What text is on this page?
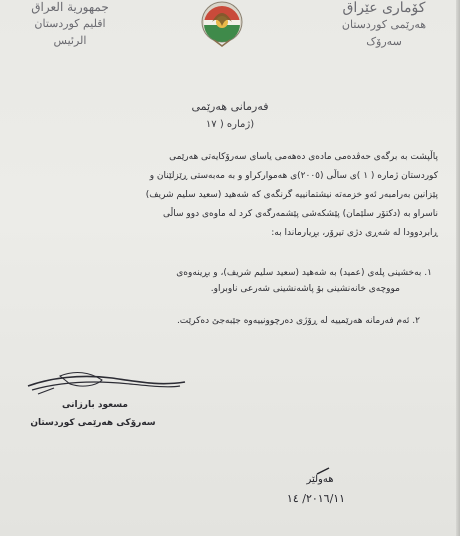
جمهورية العراق
اقليم كوردستان
الرئيس
کۆماری عێراق
هەرێمی کوردستان
سەرۆک
فەرمانی هەرێمی
(ژمارە ( ١٧
پاڵپشت بە برگەی حەڤدەمی مادەی دەهەمی یاسای سەرۆکایەتی هەرێمی
کوردستان ژمارە ( ١ )ی ساڵی (٢٠٠٥)ی هەموارکراو و بە مەبەستی ڕێزلێنان و
پێزانین بەرامبەر ئەو خزمەتە نیشتمانییە گرنگەی کە شەهید (سعید سلیم شریف)
ناسراو بە (دکتۆر سلێمان) پێشکەشی پێشمەرگەی کرد لە ماوەی دوو ساڵی
ڕابردوودا لە شەڕی دژی تیرۆر، بڕیارماندا بە:
١. بەخشینی پلەی (عمید) بە شەهید (سعید سلیم شریف)، و بڕینەوەی
مووچەی خانەنشینی بۆ پاشەنشینی شەرعی ناوبراو.
٢. ئەم فەرمانە هەرێمییە لە ڕۆژی دەرچوونییەوە جێبەجێ دەکرێت.
مسعود بارزانی
سەرۆکی هەرێمی کوردستان
هەولێر
٢٠١٦/١١/ ١٤
